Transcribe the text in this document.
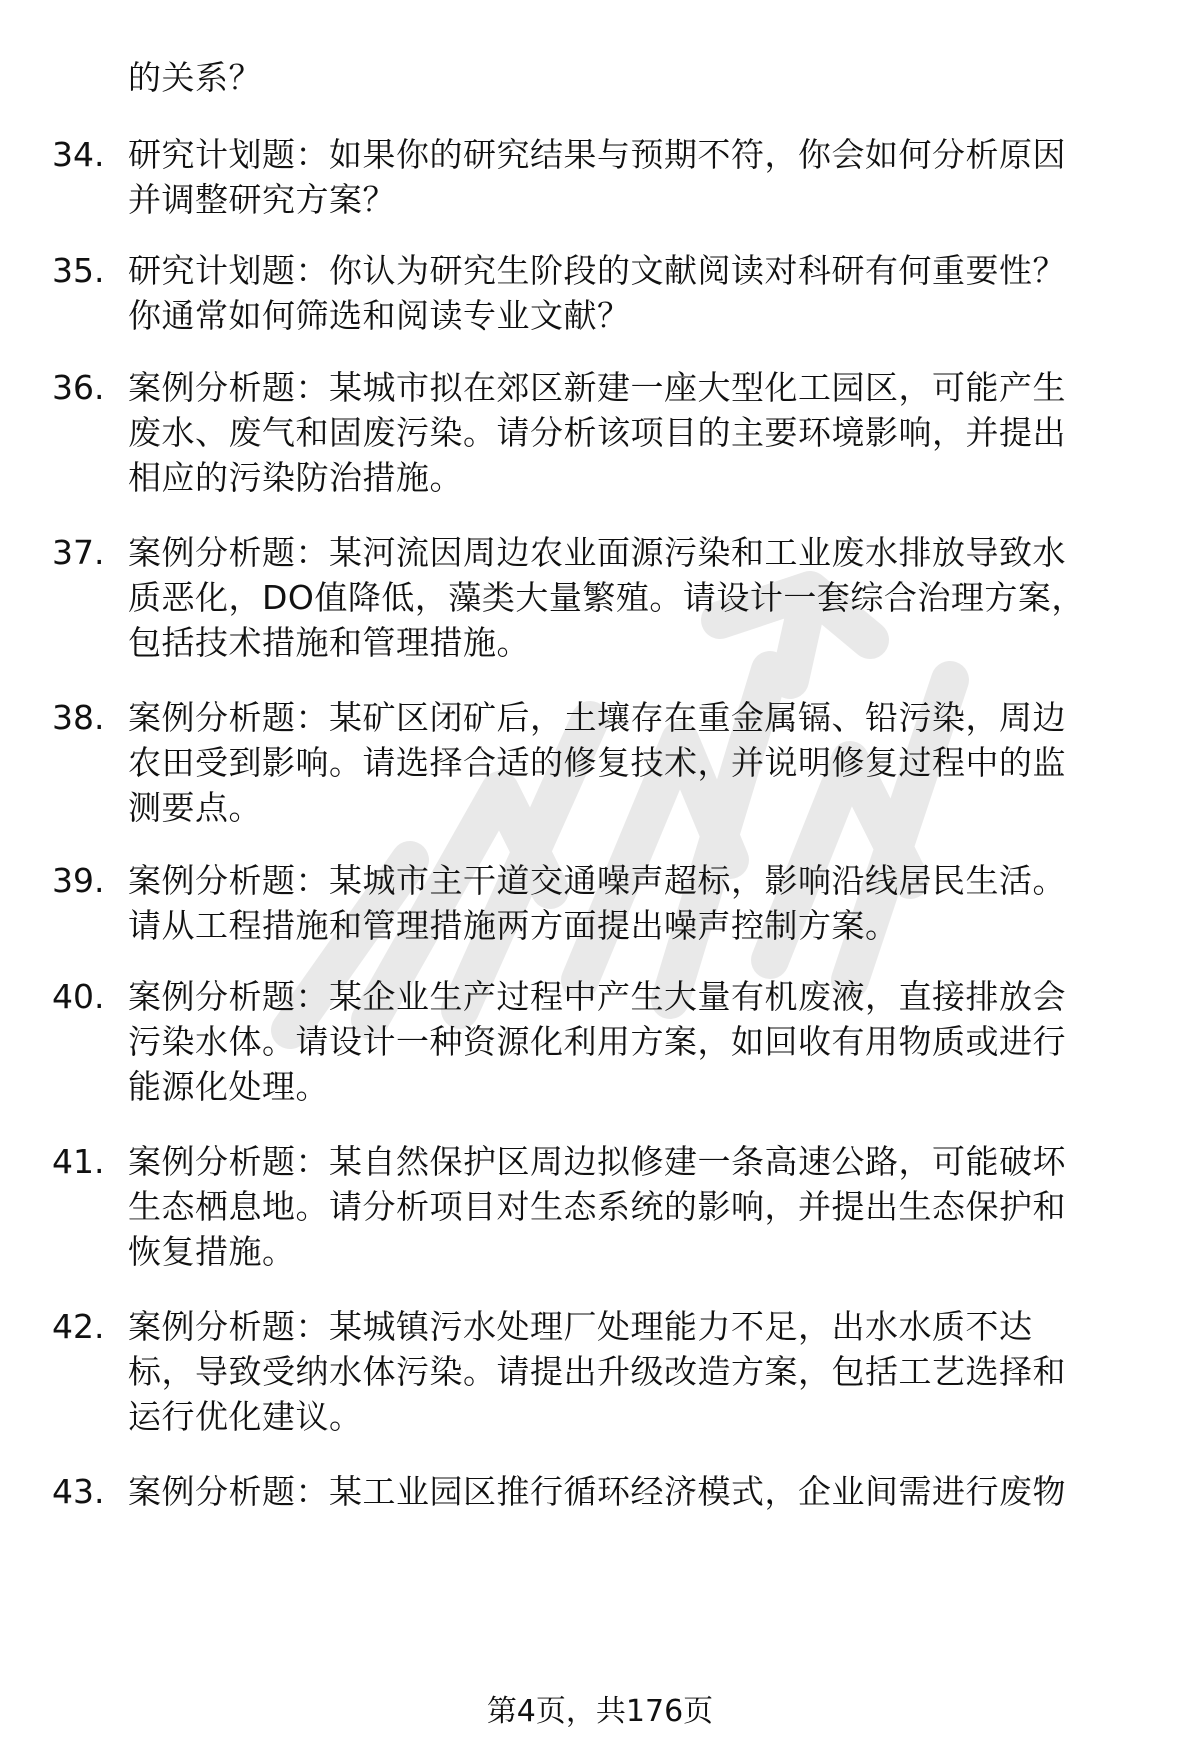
的关系？
34. 研究计划题：如果你的研究结果与预期不符，你会如何分析原因
并调整研究方案？
35. 研究计划题：你认为研究生阶段的文献阅读对科研有何重要性？
你通常如何筛选和阅读专业文献？
36. 案例分析题：某城市拟在郊区新建一座大型化工园区，可能产生
废水、废气和固废污染。请分析该项目的主要环境影响，并提出
相应的污染防治措施。
37. 案例分析题：某河流因周边农业面源污染和工业废水排放导致水
质恶化，DO值降低，藻类大量繁殖。请设计一套综合治理方案，
包括技术措施和管理措施。
38. 案例分析题：某矿区闭矿后，土壤存在重金属镉、铅污染，周边
农田受到影响。请选择合适的修复技术，并说明修复过程中的监
测要点。
39. 案例分析题：某城市主干道交通噪声超标，影响沿线居民生活。
请从工程措施和管理措施两方面提出噪声控制方案。
40. 案例分析题：某企业生产过程中产生大量有机废液，直接排放会
污染水体。请设计一种资源化利用方案，如回收有用物质或进行
能源化处理。
41. 案例分析题：某自然保护区周边拟修建一条高速公路，可能破坏
生态栖息地。请分析项目对生态系统的影响，并提出生态保护和
恢复措施。
42. 案例分析题：某城镇污水处理厂处理能力不足，出水水质不达
标，导致受纳水体污染。请提出升级改造方案，包括工艺选择和
运行优化建议。
43. 案例分析题：某工业园区推行循环经济模式，企业间需进行废物
第4页，共176页
